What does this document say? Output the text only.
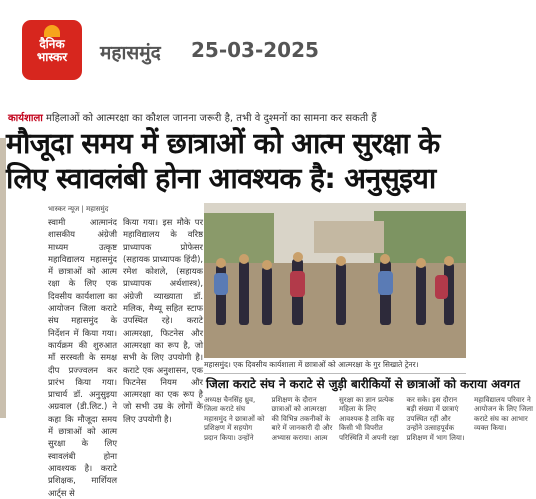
दैनिक भास्कर	महासमुंद 25-03-2025
कार्यशाला महिलाओं को आत्मरक्षा का कौशल जानना जरूरी है, तभी वे दुश्मनों का सामना कर सकती हैं
मौजूदा समय में छात्राओं को आत्म सुरक्षा के लिए स्वावलंबी होना आवश्यक है: अनुसुइया
भास्कर न्यूज | महासमुंद
स्वामी आत्मानंद शासकीय अंग्रेजी माध्यम उत्कृष्ट महाविद्यालय महासमुंद में छात्राओं को आत्म रक्षा के लिए एक दिवसीय कार्यशाला का आयोजन जिला कराटे संघ महासमुंद के निर्देशन में किया गया। कार्यक्रम की शुरुआत माँ सरस्वती के समक्ष दीप प्रज्ज्वलन कर प्रारंभ किया गया। प्राचार्य डॉ. अनुसुइया अग्रवाल (डी.लिट.) ने कहा कि मौजूदा समय में छात्राओं को आत्म सुरक्षा के लिए स्वावलंबी होना आवश्यक है। कराटे प्रशिक्षक, मार्शियल आर्ट्स से
किया गया। इस मौके पर महाविद्यालय के वरिष्ठ प्राध्यापक प्रोफेसर (सहायक प्राध्यापक हिंदी), रमेश कोशले, (सहायक प्राध्यापक अर्थशास्त्र), अंग्रेजी व्याख्याता डॉ. मलिक, मैथ्यू सहित स्टाफ उपस्थित रहे। कराटे आत्मरक्षा, फिटनेस और आत्मरक्षा का रूप है, जो सभी के लिए उपयोगी है। कराटे एक अनुशासन, एक फिटनेस नियम और आत्मरक्षा का एक रूप है जो सभी उम्र के लोगों के लिए उपयोगी है।
महासमुंद। एक दिवसीय कार्यशाला में छात्राओं को आत्मरक्षा के गुर सिखाते ट्रेनर।
जिला कराटे संघ ने कराटे से जुड़ी बारीकियों से छात्राओं को कराया अवगत
अध्यक्ष चैनसिंह ध्रुव, जिला कराटे संघ महासमुंद ने छात्राओं को प्रशिक्षण में सहयोग प्रदान किया। उन्होंने प्रशिक्षण के दौरान छात्राओं को आत्मरक्षा की विभिन्न तकनीकों के बारे में जानकारी दी और अभ्यास कराया। आत्म सुरक्षा का ज्ञान प्रत्येक महिला के लिए आवश्यक है ताकि वह किसी भी विपरीत परिस्थिति में अपनी रक्षा कर सके। इस दौरान बड़ी संख्या में छात्राएं उपस्थित रहीं और उन्होंने उत्साहपूर्वक प्रशिक्षण में भाग लिया। महाविद्यालय परिवार ने आयोजन के लिए जिला कराटे संघ का आभार व्यक्त किया।
